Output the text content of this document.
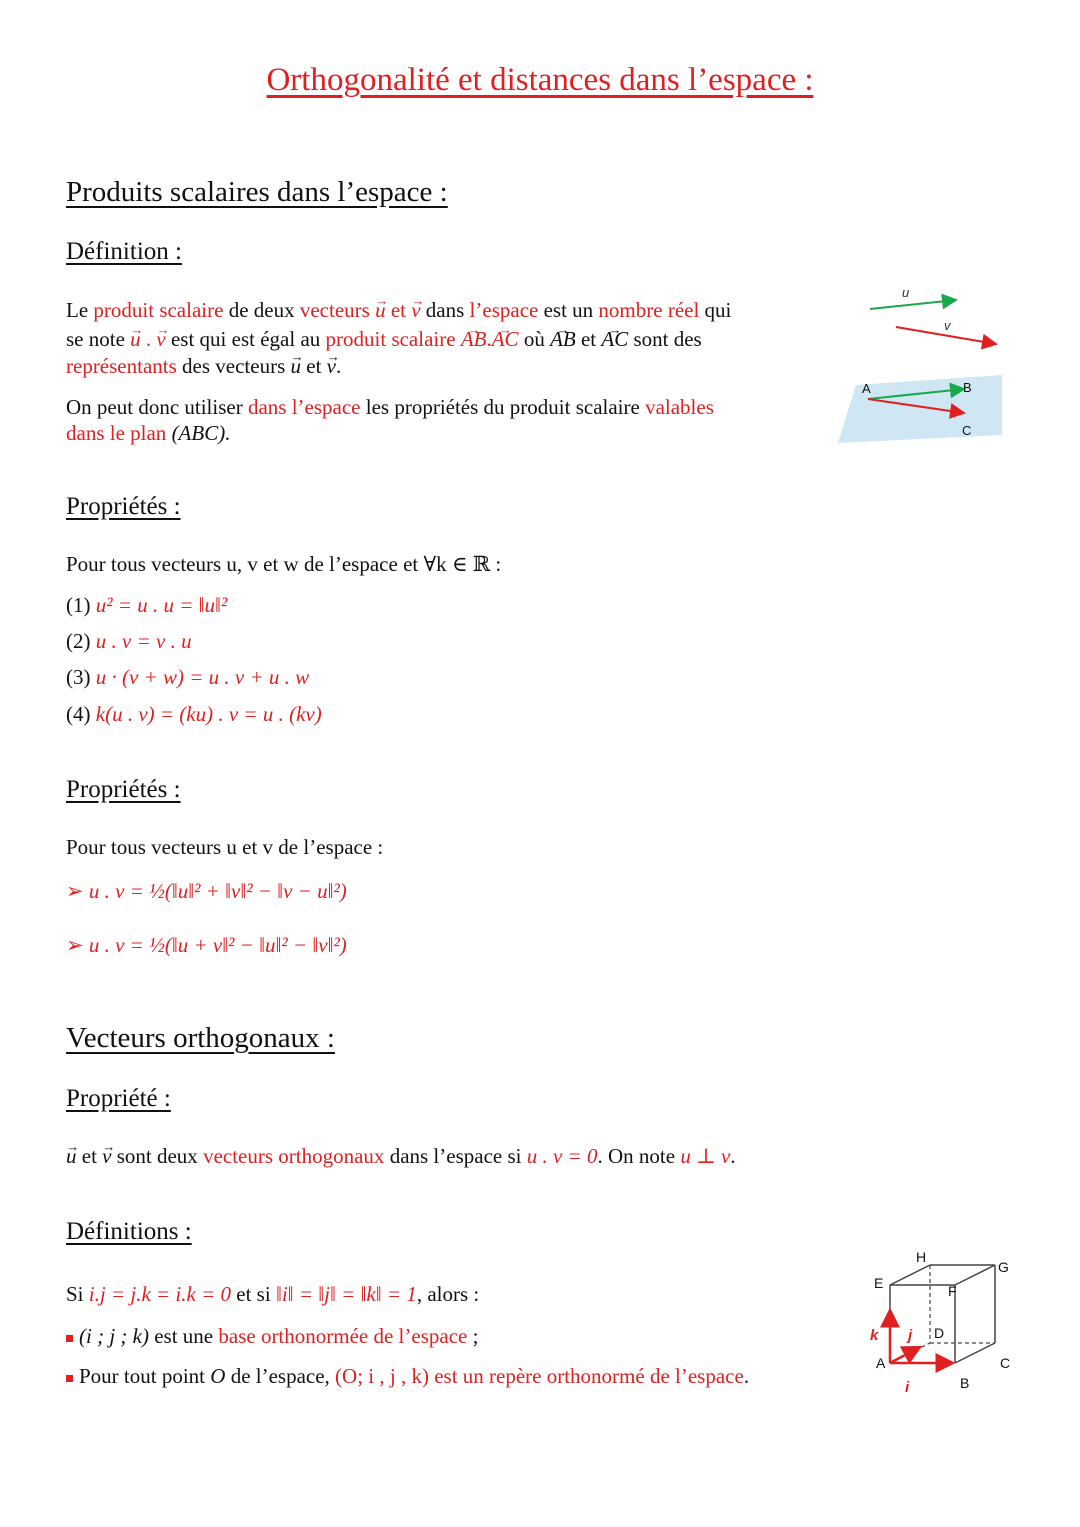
Orthogonalité et distances dans l’espace :
Produits scalaires dans l’espace :
Définition :
Le produit scalaire de deux vecteurs → u et → v dans l’espace est un nombre réel qui
se note → u . → v est qui est égal au produit scalaire → AB.→ AC où → AB et → AC sont des
représentants des vecteurs → u et → v.
On peut donc utiliser dans l’espace les propriétés du produit scalaire valables
dans le plan (ABC).
u
v
A	B
C
Propriétés :
Pour tous vecteurs u, v et w de l’espace et ∀k ∈ ℝ :
(1) u² = u . u = ‖u‖²
(2) u . v = v . u
(3) u · (v + w) = u . v + u . w
(4) k(u . v) = (ku) . v = u . (kv)
Propriétés :
Pour tous vecteurs u et v de l’espace :
➢ u . v = ½(‖u‖² + ‖v‖² − ‖v − u‖²)
➢ u . v = ½(‖u + v‖² − ‖u‖² − ‖v‖²)
Vecteurs orthogonaux :
Propriété :
→ u et → v sont deux vecteurs orthogonaux dans l’espace si u . v = 0. On note u ⊥ v.
Définitions :
Si i.j = j.k = i.k = 0 et si ‖i‖ = ‖j‖ = ‖k‖ = 1, alors :
(i ; j ; k) est une base orthonormée de l’espace ;
Pour tout point O de l’espace, (O; i , j , k) est un repère orthonormé de l’espace.
A
B
C
D
E	F
G
H
i
j
k
